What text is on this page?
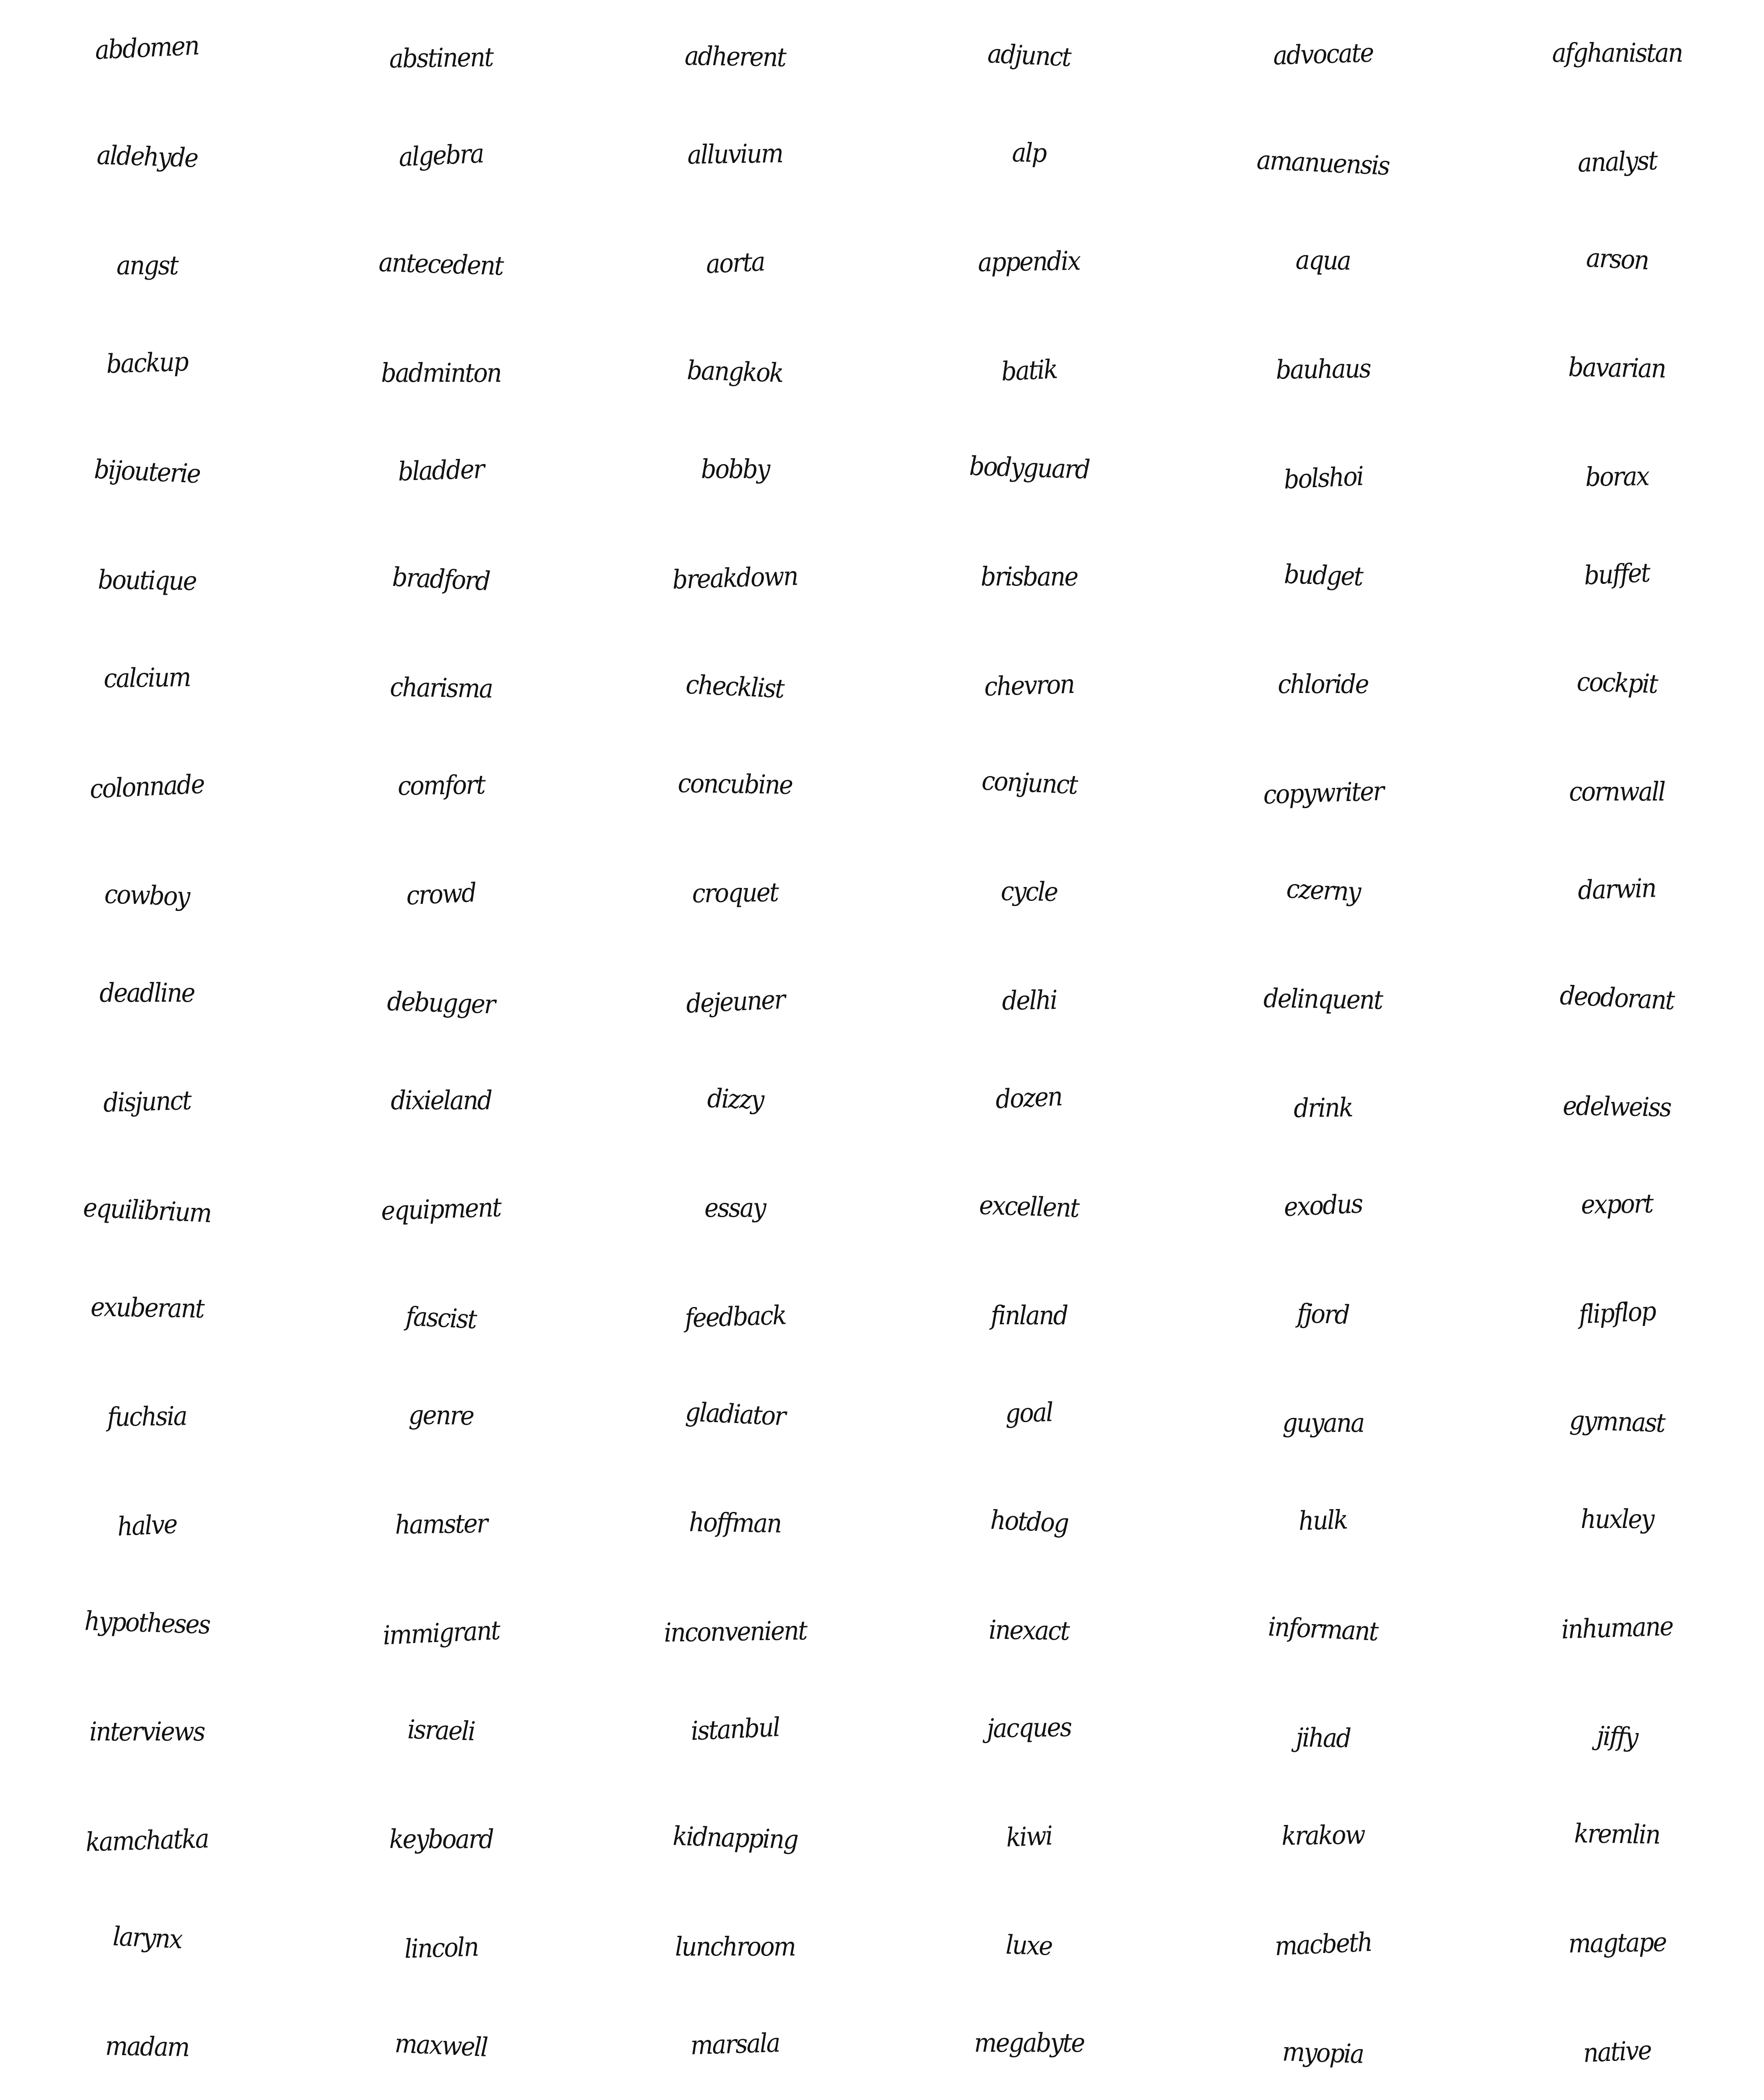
abdomen	abstinent	adherent	adjunct	advocate	afghanistan
aldehyde	algebra	alluvium	alp	amanuensis	analyst
angst	antecedent	aorta	appendix	aqua	arson
backup	badminton	bangkok	batik	bauhaus	bavarian
bijouterie	bladder	bobby	bodyguard	bolshoi	borax
boutique	bradford	breakdown	brisbane	budget	buffet
calcium	charisma	checklist	chevron	chloride	cockpit
colonnade	comfort	concubine	conjunct	copywriter	cornwall
cowboy	crowd	croquet	cycle	czerny	darwin
deadline	debugger	dejeuner	delhi	delinquent	deodorant
disjunct	dixieland	dizzy	dozen	drink	edelweiss
equilibrium	equipment	essay	excellent	exodus	export
exuberant	fascist	feedback	finland	fjord	flipflop
fuchsia	genre	gladiator	goal	guyana	gymnast
halve	hamster	hoffman	hotdog	hulk	huxley
hypotheses	immigrant	inconvenient	inexact	informant	inhumane
interviews	israeli	istanbul	jacques	jihad	jiffy
kamchatka	keyboard	kidnapping	kiwi	krakow	kremlin
larynx	lincoln	lunchroom	luxe	macbeth	magtape
madam	maxwell	marsala	megabyte	myopia	native
